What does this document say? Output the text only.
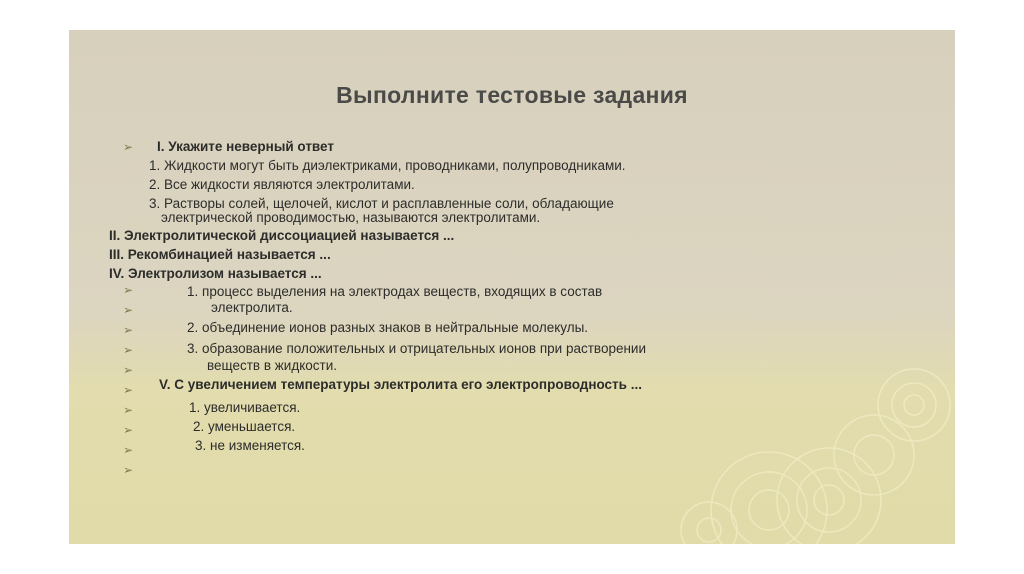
Выполните тестовые задания
➢
➢
➢
➢
➢
➢
➢
➢
➢
➢
➢
I. Укажите неверный ответ
1. Жидкости могут быть диэлектриками, проводниками, полупроводниками.
2. Все жидкости являются электролитами.
3. Растворы солей, щелочей, кислот и расплавленные соли, обладающие
электрической проводимостью, называются электролитами.
II. Электролитической диссоциацией называется ...
III. Рекомбинацией называется ...
IV. Электролизом называется ...
1. процесс выделения на электродах веществ, входящих в состав
электролита.
2. объединение ионов разных знаков в нейтральные молекулы.
3. образование положительных и отрицательных ионов при растворении
веществ в жидкости.
V. С увеличением температуры электролита его электропроводность ...
1. увеличивается.
2. уменьшается.
3. не изменяется.
